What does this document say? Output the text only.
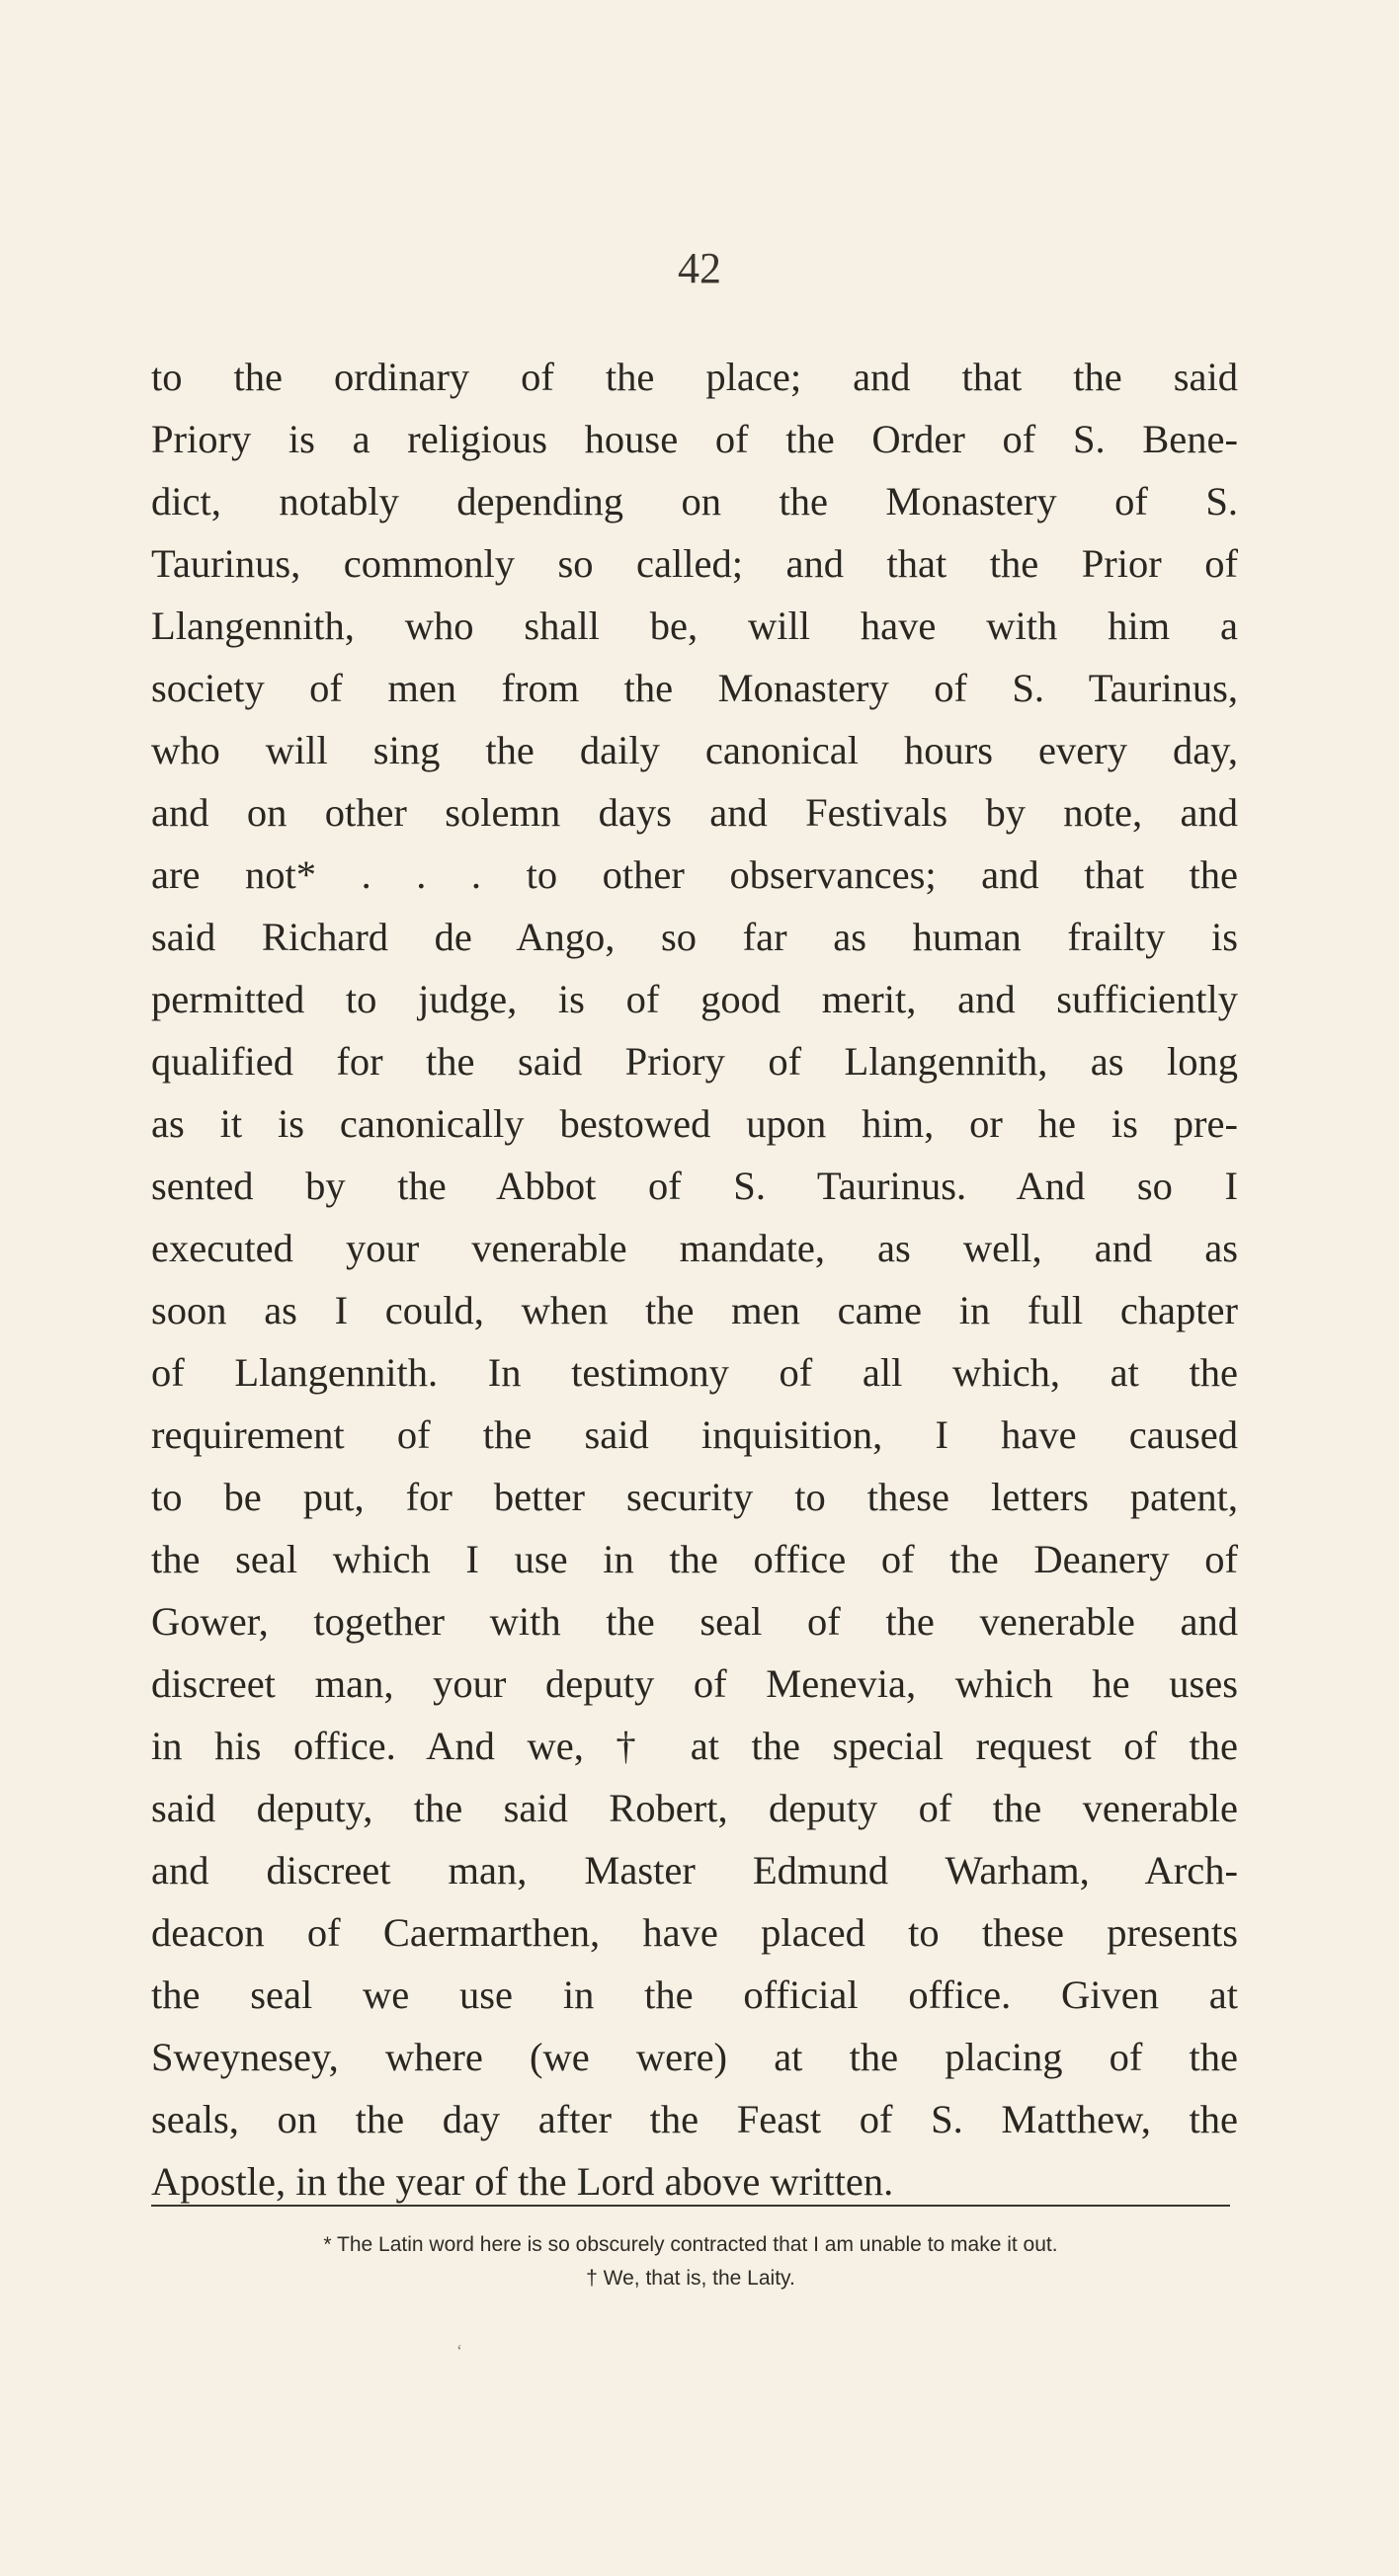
42
to the ordinary of the place; and that the said
Priory is a religious house of the Order of S. Bene-
dict, notably depending on the Monastery of S.
Taurinus, commonly so called; and that the Prior of
Llangennith, who shall be, will have with him a
society of men from the Monastery of S. Taurinus,
who will sing the daily canonical hours every day,
and on other solemn days and Festivals by note, and
are not* . . . to other observances; and that the
said Richard de Ango, so far as human frailty is
permitted to judge, is of good merit, and sufficiently
qualified for the said Priory of Llangennith, as long
as it is canonically bestowed upon him, or he is pre-
sented by the Abbot of S. Taurinus. And so I
executed your venerable mandate, as well, and as
soon as I could, when the men came in full chapter
of Llangennith. In testimony of all which, at the
requirement of the said inquisition, I have caused
to be put, for better security to these letters patent,
the seal which I use in the office of the Deanery of
Gower, together with the seal of the venerable and
discreet man, your deputy of Menevia, which he uses
in his office. And we, † at the special request of the
said deputy, the said Robert, deputy of the venerable
and discreet man, Master Edmund Warham, Arch-
deacon of Caermarthen, have placed to these presents
the seal we use in the official office. Given at
Sweynesey, where (we were) at the placing of the
seals, on the day after the Feast of S. Matthew, the
Apostle, in the year of the Lord above written.
* The Latin word here is so obscurely contracted that I am unable to make it out.
† We, that is, the Laity.
ʻ
